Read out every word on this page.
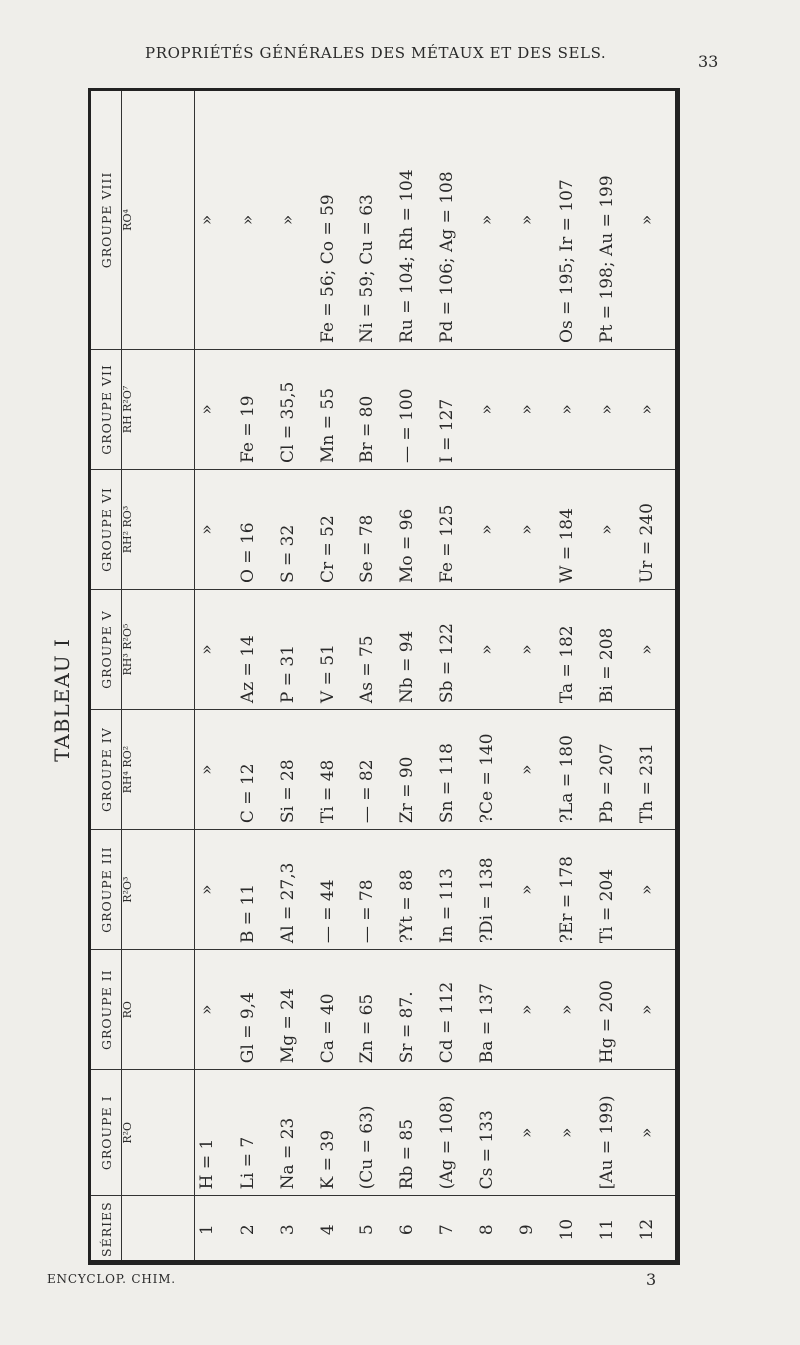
PROPRIÉTÉS GÉNÉRALES DES MÉTAUX ET DES SELS.	33
TABLEAU I
SÉRIES	GROUPE I	GROUPE II	GROUPE III	GROUPE IV	GROUPE V	GROUPE VI	GROUPE VII	GROUPE VIII
	R²O	RO	R²O³	RH⁴ RO²	RH³ R²O⁵	RH² RO³	RH R²O⁷	RO⁴
1	H = 1	»	»	»	»	»	»	»
2	Li = 7	Gl = 9,4	B = 11	C = 12	Az = 14	O = 16	Fe = 19	»
3	Na = 23	Mg = 24	Al = 27,3	Si = 28	P = 31	S = 32	Cl = 35,5	»
4	K = 39	Ca = 40	— = 44	Ti = 48	V = 51	Cr = 52	Mn = 55	Fe = 56; Co = 59
5	(Cu = 63)	Zn = 65	— = 78	— = 82	As = 75	Se = 78	Br = 80	Ni = 59; Cu = 63
6	Rb = 85	Sr = 87.	?Yt = 88	Zr = 90	Nb = 94	Mo = 96	— = 100	Ru = 104; Rh = 104
7	(Ag = 108)	Cd = 112	In = 113	Sn = 118	Sb = 122	Fe = 125	I = 127	Pd = 106; Ag = 108
8	Cs = 133	Ba = 137	?Di = 138	?Ce = 140	»	»	»	»
9	»	»	»	»	»	»	»	»
10	»	»	?Er = 178	?La = 180	Ta = 182	W = 184	»	Os = 195; Ir = 107
11	[Au = 199)	Hg = 200	Ti = 204	Pb = 207	Bi = 208	»	»	Pt = 198; Au = 199
12	»	»	»	Th = 231	»	Ur = 240	»	»
ENCYCLOP. CHIM.	3
